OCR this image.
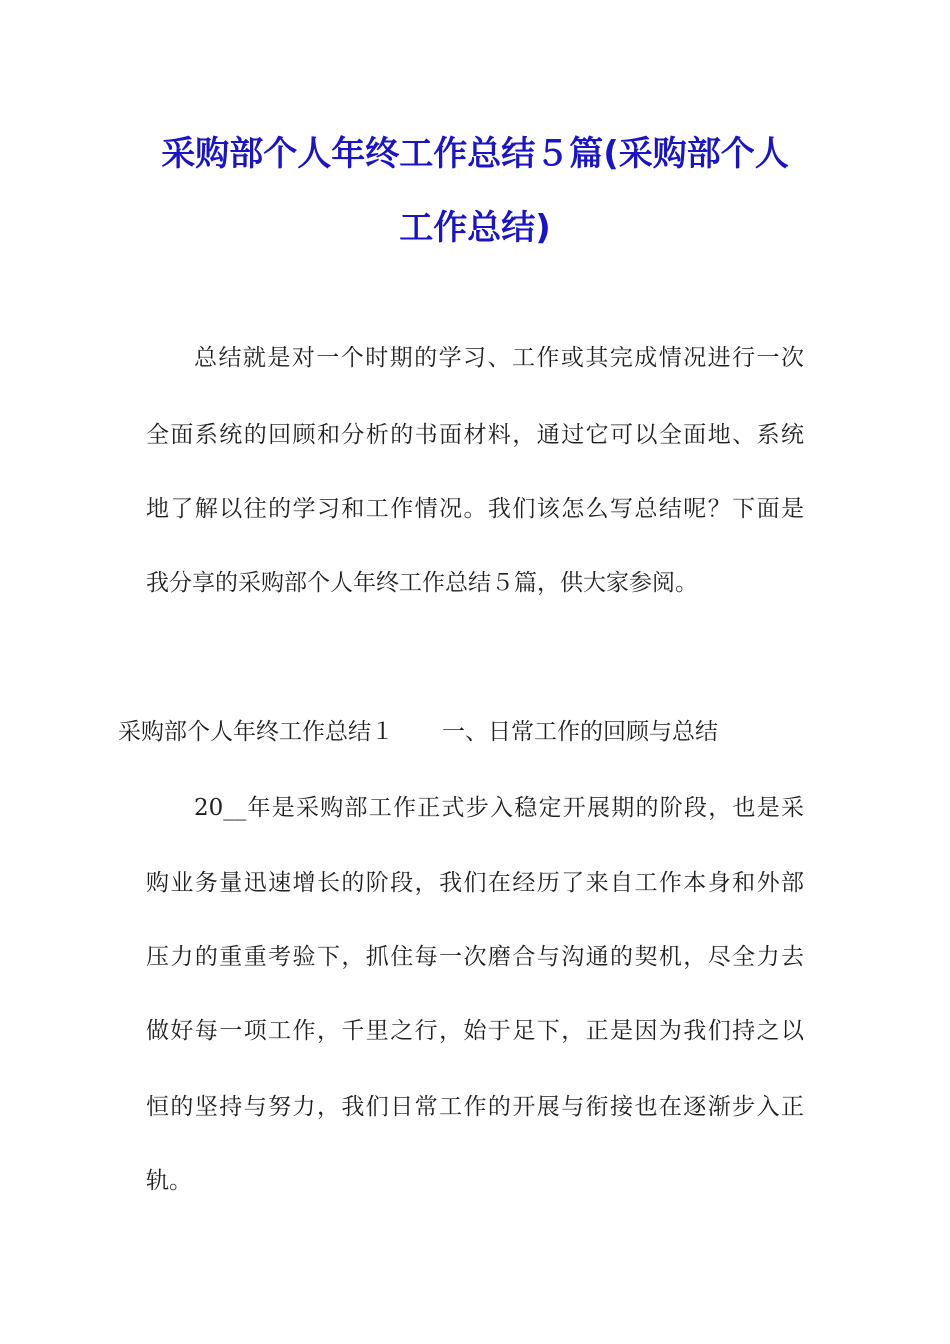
采购部个人年终工作总结５篇(采购部个人
工作总结)
总结就是对一个时期的学习、工作或其完成情况进行一次
全面系统的回顾和分析的书面材料，通过它可以全面地、系统
地了解以往的学习和工作情况。我们该怎么写总结呢？下面是
我分享的采购部个人年终工作总结５篇，供大家参阅。
采购部个人年终工作总结１ 一、日常工作的回顾与总结
20__年是采购部工作正式步入稳定开展期的阶段，也是采
购业务量迅速增长的阶段，我们在经历了来自工作本身和外部
压力的重重考验下，抓住每一次磨合与沟通的契机，尽全力去
做好每一项工作，千里之行，始于足下，正是因为我们持之以
恒的坚持与努力，我们日常工作的开展与衔接也在逐渐步入正
轨。
